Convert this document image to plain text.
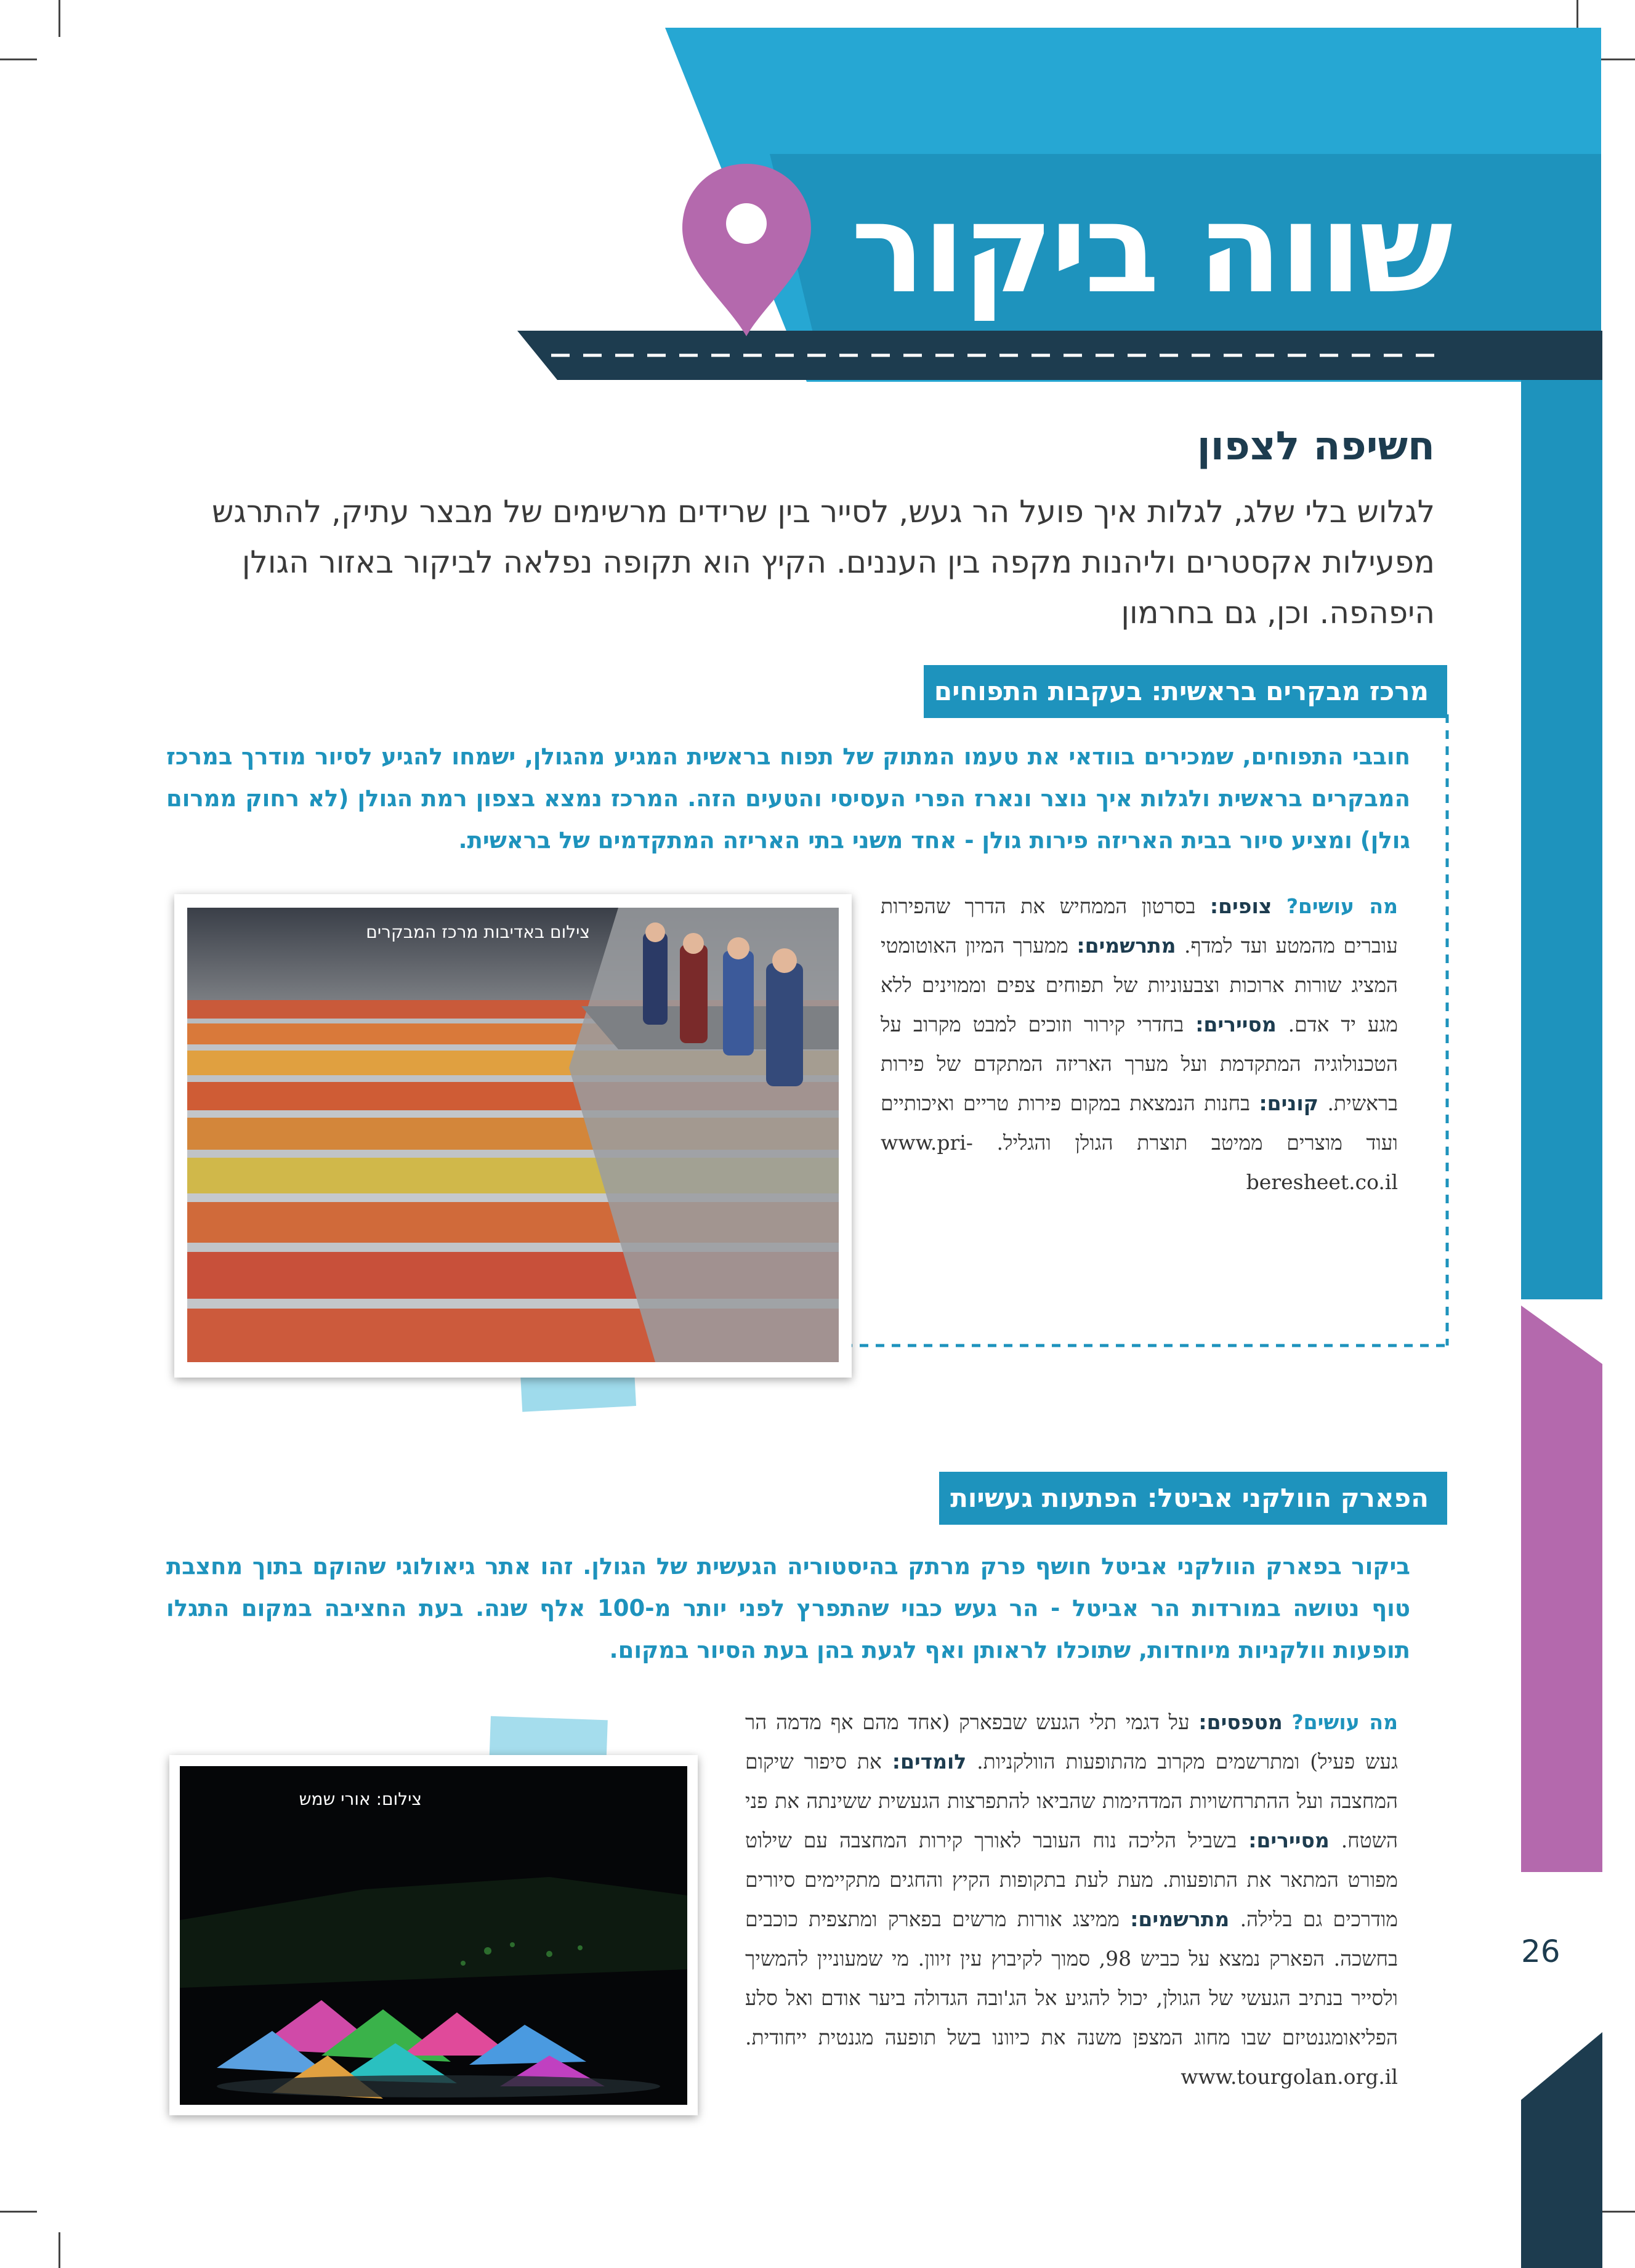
שווה ביקור
חשיפה לצפון
לגלוש בלי שלג, לגלות איך פועל הר געש, לסייר בין שרידים מרשימים של מבצר עתיק, להתרגש מפעילות אקסטרים וליהנות מקפה בין העננים. הקיץ הוא תקופה נפלאה לביקור באזור הגולן היפהפה. וכן, גם בחרמון
מרכז מבקרים בראשית: בעקבות התפוחים
חובבי התפוחים, שמכירים בוודאי את טעמו המתוק של תפוח בראשית המגיע מהגולן, ישמחו להגיע לסיור מודרך במרכז המבקרים בראשית ולגלות איך נוצר ונארז הפרי העסיסי והטעים הזה. המרכז נמצא בצפון רמת הגולן (לא רחוק ממרום גולן) ומציע סיור בבית האריזה פירות גולן - אחד משני בתי האריזה המתקדמים של בראשית.
מה עושים? צופים: בסרטון הממחיש את הדרך שהפירות עוברים מהמטע ועד למדף. מתרשמים: ממערך המיון האוטומטי המציג שורות ארוכות וצבעוניות של תפוחים צפים וממוינים ללא מגע יד אדם. מסיירים: בחדרי קירור וזוכים למבט מקרוב על הטכנולוגיה המתקדמת ועל מערך האריזה המתקדם של פירות בראשית. קונים: בחנות הנמצאת במקום פירות טריים ואיכותיים ועוד מוצרים ממיטב תוצרת הגולן והגליל. www.pri-beresheet.co.il
צילום באדיבות מרכז המבקרים
הפארק הוולקני אביטל: הפתעות געשיות
ביקור בפארק הוולקני אביטל חושף פרק מרתק בהיסטוריה הגעשית של הגולן. זהו אתר גיאולוגי שהוקם בתוך מחצבת טוף נטושה במורדות הר אביטל - הר געש כבוי שהתפרץ לפני יותר מ-100 אלף שנה. בעת החציבה במקום התגלו תופעות וולקניות מיוחדות, שתוכלו לראותן ואף לגעת בהן בעת הסיור במקום.
מה עושים? מטפסים: על דגמי תלי הגעש שבפארק (אחד מהם אף מדמה הר געש פעיל) ומתרשמים מקרוב מהתופעות הוולקניות. לומדים: את סיפור שיקום המחצבה ועל ההתרחשויות המדהימות שהביאו להתפרצות הגעשית ששינתה את פני השטח. מסיירים: בשביל הליכה נוח העובר לאורך קירות המחצבה עם שילוט מפורט המתאר את התופעות. מעת לעת בתקופות הקיץ והחגים מתקיימים סיורים מודרכים גם בלילה. מתרשמים: ממיצג אורות מרשים בפארק ומתצפית כוכבים בחשכה. הפארק נמצא על כביש 98, סמוך לקיבוץ עין זיוון. מי שמעוניין להמשיך ולסייר בנתיב הגעשי של הגולן, יכול להגיע אל הג'ובה הגדולה ביער אודם ואל סלע הפליאומגנטיזם שבו מחוג המצפן משנה את כיוונו בשל תופעה מגנטית ייחודית. www.tourgolan.org.il
צילום: אורי שמש
26
